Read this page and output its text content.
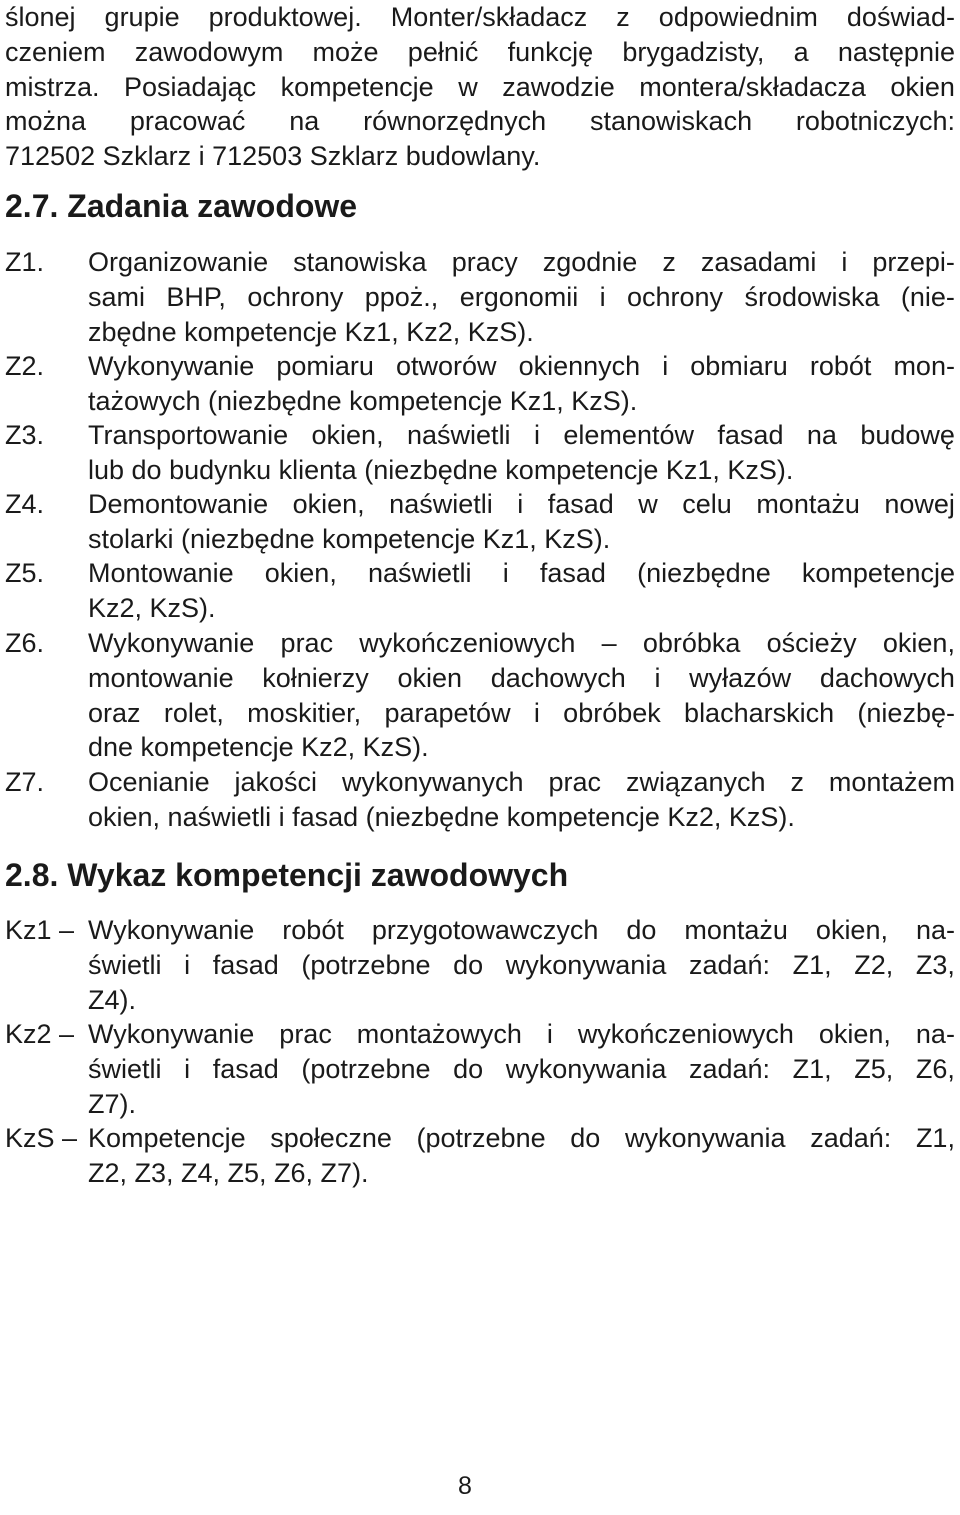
ślonej grupie produktowej. Monter/składacz z odpowiednim doświad-
czeniem zawodowym może pełnić funkcję brygadzisty, a następnie
mistrza. Posiadając kompetencje w zawodzie montera/składacza okien
można pracować na równorzędnych stanowiskach robotniczych:
712502 Szklarz i 712503 Szklarz budowlany.
2.7. Zadania zawodowe
Z1. Organizowanie stanowiska pracy zgodnie z zasadami i przepi-
sami BHP, ochrony ppoż., ergonomii i ochrony środowiska (nie-
zbędne kompetencje Kz1, Kz2, KzS).
Z2. Wykonywanie pomiaru otworów okiennych i obmiaru robót mon-
tażowych (niezbędne kompetencje Kz1, KzS).
Z3. Transportowanie okien, naświetli i elementów fasad na budowę
lub do budynku klienta (niezbędne kompetencje Kz1, KzS).
Z4. Demontowanie okien, naświetli i fasad w celu montażu nowej
stolarki (niezbędne kompetencje Kz1, KzS).
Z5. Montowanie okien, naświetli i fasad (niezbędne kompetencje
Kz2, KzS).
Z6. Wykonywanie prac wykończeniowych – obróbka ościeży okien,
montowanie kołnierzy okien dachowych i wyłazów dachowych
oraz rolet, moskitier, parapetów i obróbek blacharskich (niezbę-
dne kompetencje Kz2, KzS).
Z7. Ocenianie jakości wykonywanych prac związanych z montażem
okien, naświetli i fasad (niezbędne kompetencje Kz2, KzS).
2.8. Wykaz kompetencji zawodowych
Kz1 – Wykonywanie robót przygotowawczych do montażu okien, na-
świetli i fasad (potrzebne do wykonywania zadań: Z1, Z2, Z3,
Z4).
Kz2 – Wykonywanie prac montażowych i wykończeniowych okien, na-
świetli i fasad (potrzebne do wykonywania zadań: Z1, Z5, Z6,
Z7).
KzS – Kompetencje społeczne (potrzebne do wykonywania zadań: Z1,
Z2, Z3, Z4, Z5, Z6, Z7).
8
